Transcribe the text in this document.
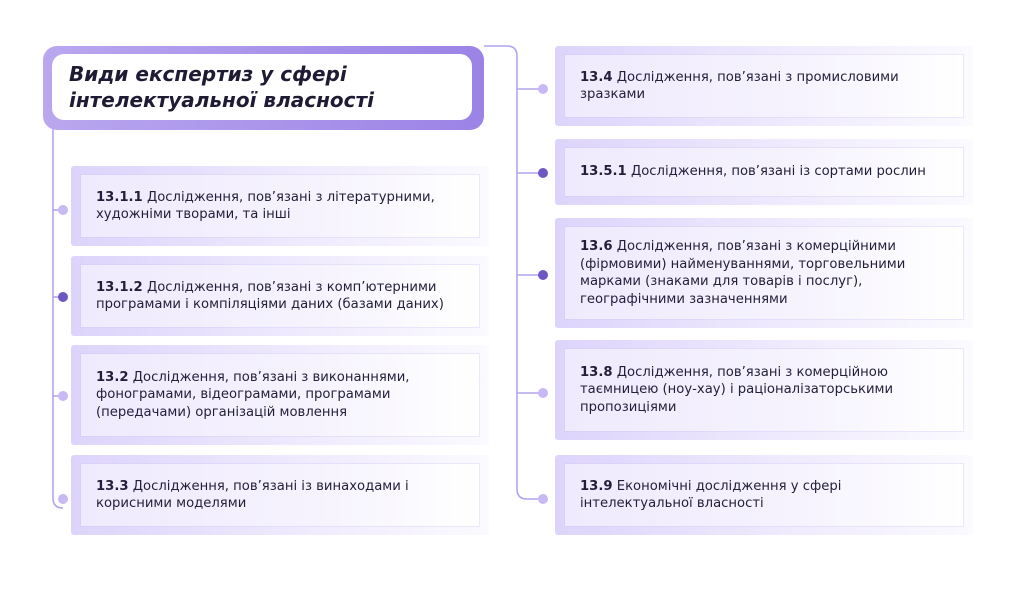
Види експертиз у сфері
інтелектуальної власності
13.1.1 Дослідження, пов’язані з літературними, художніми творами, та інші
13.1.2 Дослідження, пов’язані з комп’ютерними програмами і компіляціями даних (базами даних)
13.2 Дослідження, пов’язані з виконаннями, фонограмами, відеограмами, програмами (передачами) організацій мовлення
13.3 Дослідження, пов’язані із винаходами і корисними моделями
13.4 Дослідження, пов’язані з промисловими зразками
13.5.1 Дослідження, пов’язані із сортами рослин
13.6 Дослідження, пов’язані з комерційними (фірмовими) найменуваннями, торговельними марками (знаками для товарів і послуг), географічними зазначеннями
13.8 Дослідження, пов’язані з комерційною таємницею (ноу-хау) і раціоналізаторськими пропозиціями
13.9 Економічні дослідження у сфері інтелектуальної власності
